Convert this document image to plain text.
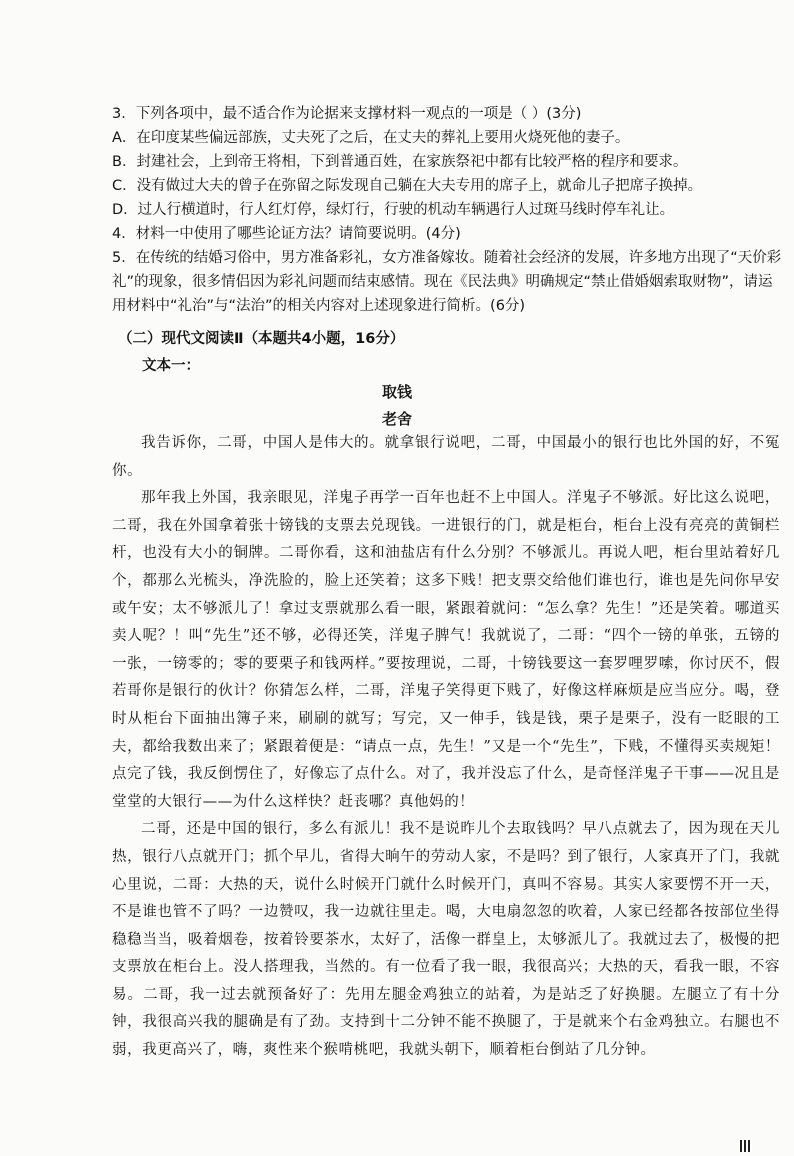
3．下列各项中，最不适合作为论据来支撑材料一观点的一项是（ ）(3分)

A．在印度某些偏远部族，丈夫死了之后，在丈夫的葬礼上要用火烧死他的妻子。

B．封建社会，上到帝王将相，下到普通百姓，在家族祭祀中都有比较严格的程序和要求。

C．没有做过大夫的曾子在弥留之际发现自己躺在大夫专用的席子上，就命儿子把席子换掉。

D．过人行横道时，行人红灯停，绿灯行，行驶的机动车辆遇行人过斑马线时停车礼让。

4．材料一中使用了哪些论证方法？请简要说明。(4分)

5．在传统的结婚习俗中，男方准备彩礼，女方准备嫁妆。随着社会经济的发展，许多地方出现了“天价彩礼”的现象，很多情侣因为彩礼问题而结束感情。现在《民法典》明确规定“禁止借婚姻索取财物”，请运用材料中“礼治”与“法治”的相关内容对上述现象进行简析。(6分)

（二）现代文阅读Ⅱ（本题共4小题，16分）
文本一：
取钱
老舍

我告诉你，二哥，中国人是伟大的。就拿银行说吧，二哥，中国最小的银行也比外国的好，不冤你。

那年我上外国，我亲眼见，洋鬼子再学一百年也赶不上中国人。洋鬼子不够派。好比这么说吧，二哥，我在外国拿着张十镑钱的支票去兑现钱。一进银行的门，就是柜台，柜台上没有亮亮的黄铜栏杆，也没有大小的铜牌。二哥你看，这和油盐店有什么分别？不够派儿。再说人吧，柜台里站着好几个，都那么光梳头，净洗脸的，脸上还笑着；这多下贱！把支票交给他们谁也行，谁也是先问你早安或午安；太不够派儿了！拿过支票就那么看一眼，紧跟着就问：“怎么拿？先生！”还是笑着。哪道买卖人呢？！叫“先生”还不够，必得还笑，洋鬼子脾气！我就说了，二哥：“四个一镑的单张，五镑的一张，一镑零的；零的要栗子和钱两样。”要按理说，二哥，十镑钱要这一套罗哩罗嗦，你讨厌不，假若哥你是银行的伙计？你猜怎么样，二哥，洋鬼子笑得更下贱了，好像这样麻烦是应当应分。喝，登时从柜台下面抽出簿子来，刷刷的就写；写完，又一伸手，钱是钱，栗子是栗子，没有一眨眼的工夫，都给我数出来了；紧跟着便是：“请点一点，先生！”又是一个“先生”，下贱，不懂得买卖规矩！点完了钱，我反倒愣住了，好像忘了点什么。对了，我并没忘了什么，是奇怪洋鬼子干事——况且是堂堂的大银行——为什么这样快？赶丧哪？真他妈的！

二哥，还是中国的银行，多么有派儿！我不是说昨儿个去取钱吗？早八点就去了，因为现在天儿热，银行八点就开门；抓个早儿，省得大晌午的劳动人家，不是吗？到了银行，人家真开了门，我就心里说，二哥：大热的天，说什么时候开门就什么时候开门，真叫不容易。其实人家要愣不开一天，不是谁也管不了吗？一边赞叹，我一边就往里走。喝，大电扇忽忽的吹着，人家已经都各按部位坐得稳稳当当，吸着烟卷，按着铃要茶水，太好了，活像一群皇上，太够派儿了。我就过去了，极慢的把支票放在柜台上。没人搭理我，当然的。有一位看了我一眼，我很高兴；大热的天，看我一眼，不容易。二哥，我一过去就预备好了：先用左腿金鸡独立的站着，为是站乏了好换腿。左腿立了有十分钟，我很高兴我的腿确是有了劲。支持到十二分钟不能不换腿了，于是就来个右金鸡独立。右腿也不弱，我更高兴了，嗨，爽性来个猴啃桃吧，我就头朝下，顺着柜台倒站了几分钟。
